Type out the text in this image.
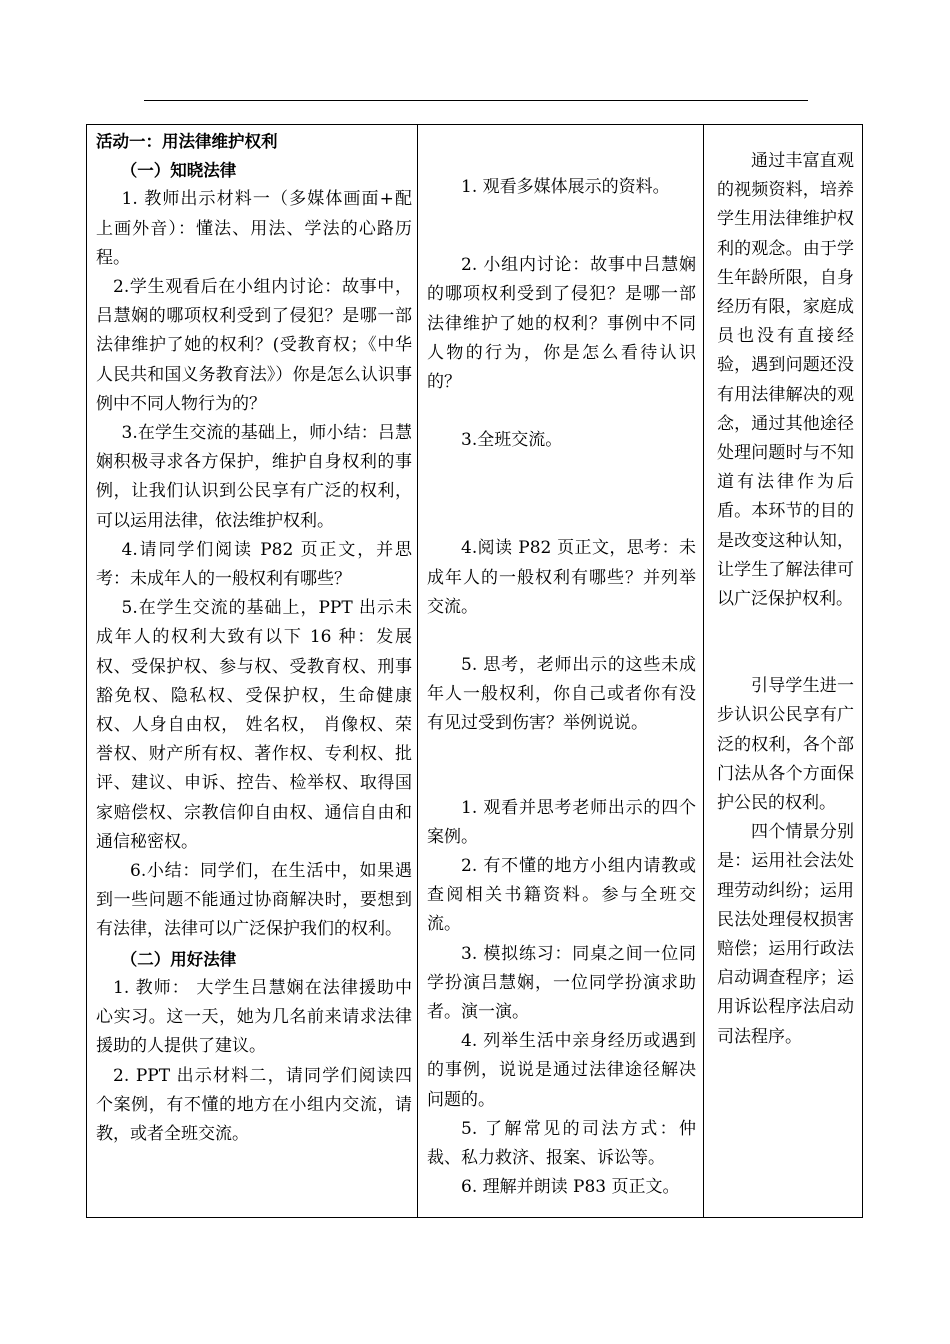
活动一：用法律维护权利

（一）知晓法律

1. 教师出示材料一（多媒体画面+配上画外音）：懂法、用法、学法的心路历程。

2.学生观看后在小组内讨论：故事中，吕慧娴的哪项权利受到了侵犯？是哪一部法律维护了她的权利？(受教育权；《中华人民共和国义务教育法》）你是怎么认识事例中不同人物行为的？

3.在学生交流的基础上，师小结：吕慧娴积极寻求各方保护，维护自身权利的事例，让我们认识到公民享有广泛的权利，可以运用法律，依法维护权利。

4.请同学们阅读 P82 页正文，并思考：未成年人的一般权利有哪些？

5.在学生交流的基础上，PPT 出示未成年人的权利大致有以下 16 种：发展权、受保护权、参与权、受教育权、刑事豁免权、隐私权、受保护权，生命健康权、人身自由权， 姓名权， 肖像权、荣誉权、财产所有权、著作权、专利权、批评、建议、申诉、控告、检举权、取得国家赔偿权、宗教信仰自由权、通信自由和通信秘密权。

6.小结：同学们，在生活中，如果遇到一些问题不能通过协商解决时，要想到有法律，法律可以广泛保护我们的权利。

（二）用好法律

1. 教师： 大学生吕慧娴在法律援助中心实习。这一天，她为几名前来请求法律援助的人提供了建议。

2. PPT 出示材料二，请同学们阅读四个案例，有不懂的地方在小组内交流，请教，或者全班交流。

1. 观看多媒体展示的资料。

2. 小组内讨论：故事中吕慧娴的哪项权利受到了侵犯？是哪一部法律维护了她的权利？事例中不同人物的行为，你是怎么看待认识的？

3.全班交流。

4.阅读 P82 页正文，思考：未成年人的一般权利有哪些？并列举交流。

5. 思考，老师出示的这些未成年人一般权利，你自己或者你有没有见过受到伤害？举例说说。

1. 观看并思考老师出示的四个案例。

2. 有不懂的地方小组内请教或查阅相关书籍资料。参与全班交流。

3. 模拟练习：同桌之间一位同学扮演吕慧娴，一位同学扮演求助者。演一演。

4. 列举生活中亲身经历或遇到的事例，说说是通过法律途径解决问题的。

5. 了解常见的司法方式：仲裁、私力救济、报案、诉讼等。

6. 理解并朗读 P83 页正文。

通过丰富直观的视频资料，培养学生用法律维护权利的观念。由于学生年龄所限，自身经历有限，家庭成员也没有直接经验，遇到问题还没有用法律解决的观念，通过其他途径处理问题时与不知道有法律作为后盾。本环节的目的是改变这种认知，让学生了解法律可以广泛保护权利。

引导学生进一步认识公民享有广泛的权利，各个部门法从各个方面保护公民的权利。

四个情景分别是：运用社会法处理劳动纠纷；运用民法处理侵权损害赔偿；运用行政法启动调查程序；运用诉讼程序法启动司法程序。
